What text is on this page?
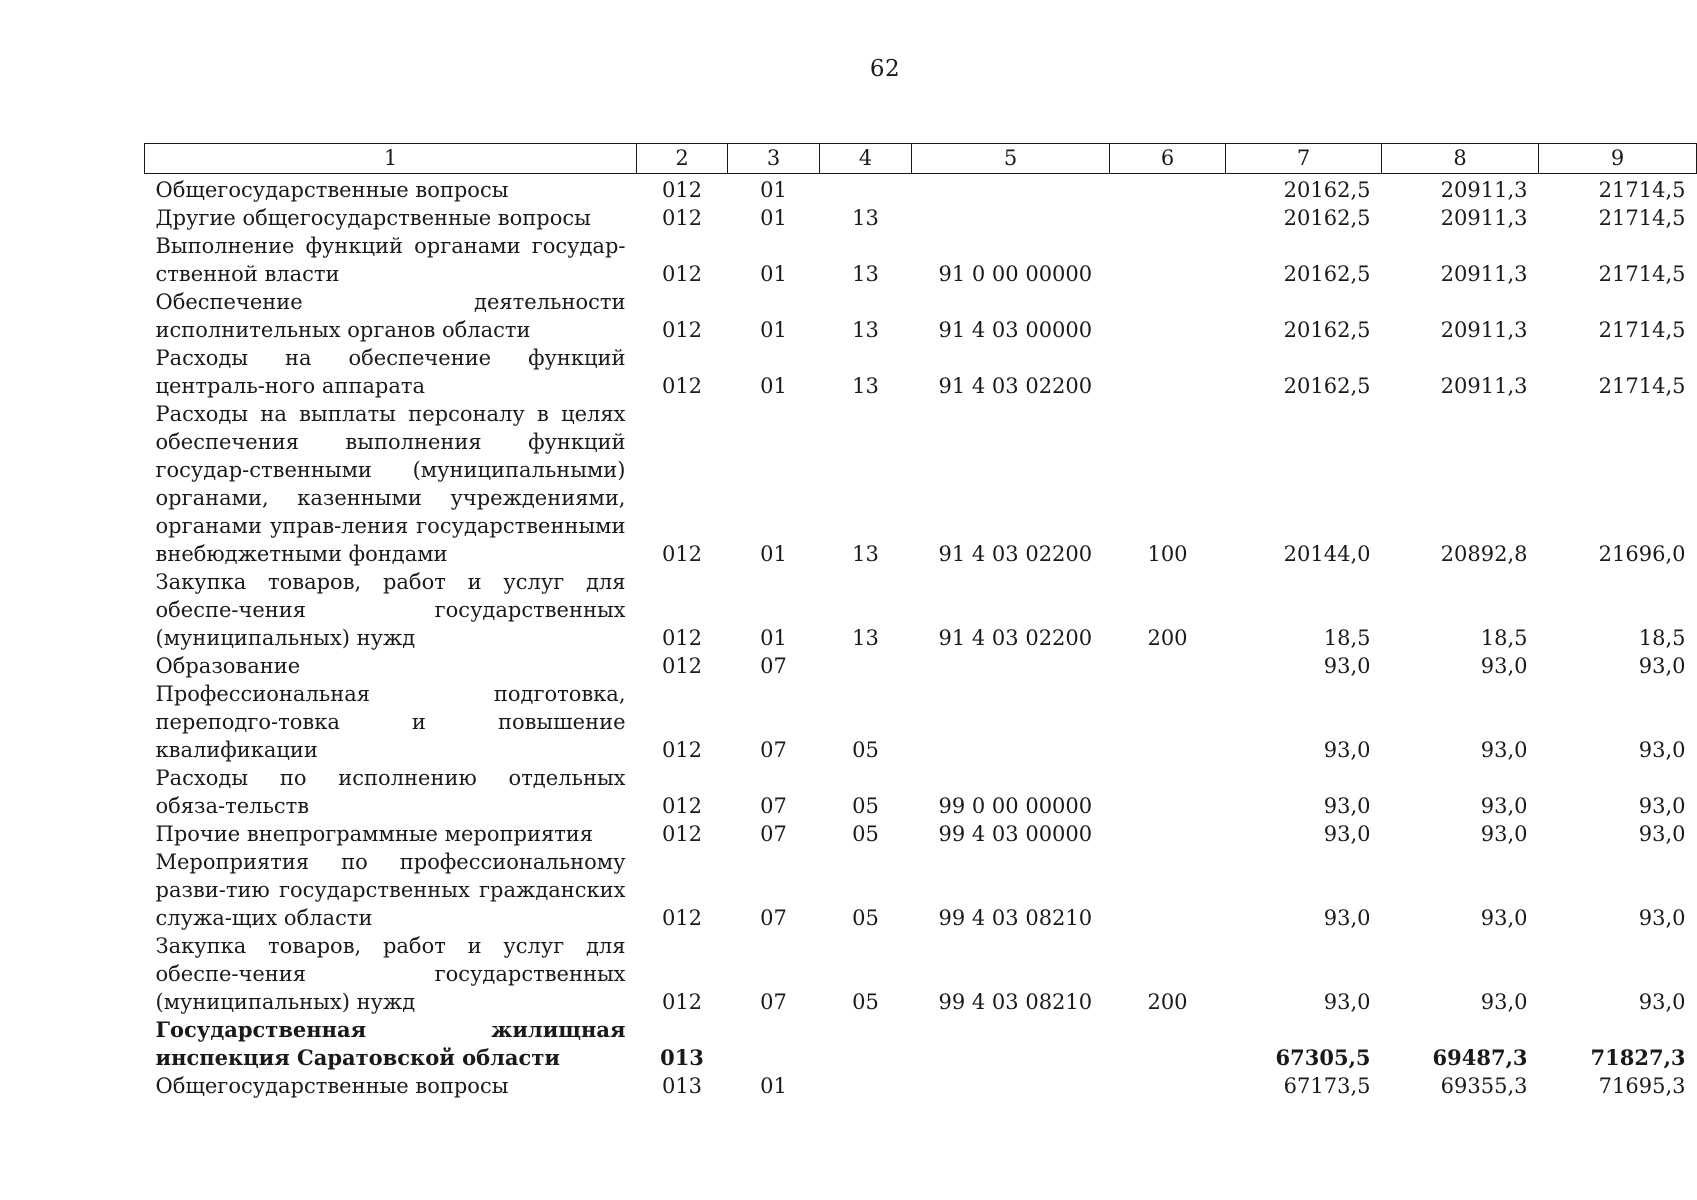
62
1	2	3	4	5	6	7	8	9
Общегосударственные вопросы	012	01				20162,5	20911,3	21714,5
Другие общегосударственные вопросы	012	01	13			20162,5	20911,3	21714,5
Выполнение функций органами государ-ственной власти	012	01	13	91 0 00 00000		20162,5	20911,3	21714,5
Обеспечение деятельности исполнительных органов области	012	01	13	91 4 03 00000		20162,5	20911,3	21714,5
Расходы на обеспечение функций централь-ного аппарата	012	01	13	91 4 03 02200		20162,5	20911,3	21714,5
Расходы на выплаты персоналу в целях обеспечения выполнения функций государ-ственными (муниципальными) органами, казенными учреждениями, органами управ-ления государственными внебюджетными фондами	012	01	13	91 4 03 02200	100	20144,0	20892,8	21696,0
Закупка товаров, работ и услуг для обеспе-чения государственных (муниципальных) нужд	012	01	13	91 4 03 02200	200	18,5	18,5	18,5
Образование	012	07				93,0	93,0	93,0
Профессиональная подготовка, переподго-товка и повышение квалификации	012	07	05			93,0	93,0	93,0
Расходы по исполнению отдельных обяза-тельств	012	07	05	99 0 00 00000		93,0	93,0	93,0
Прочие внепрограммные мероприятия	012	07	05	99 4 03 00000		93,0	93,0	93,0
Мероприятия по профессиональному разви-тию государственных гражданских служа-щих области	012	07	05	99 4 03 08210		93,0	93,0	93,0
Закупка товаров, работ и услуг для обеспе-чения государственных (муниципальных) нужд	012	07	05	99 4 03 08210	200	93,0	93,0	93,0
Государственная жилищная инспекция Саратовской области	013					67305,5	69487,3	71827,3
Общегосударственные вопросы	013	01				67173,5	69355,3	71695,3
